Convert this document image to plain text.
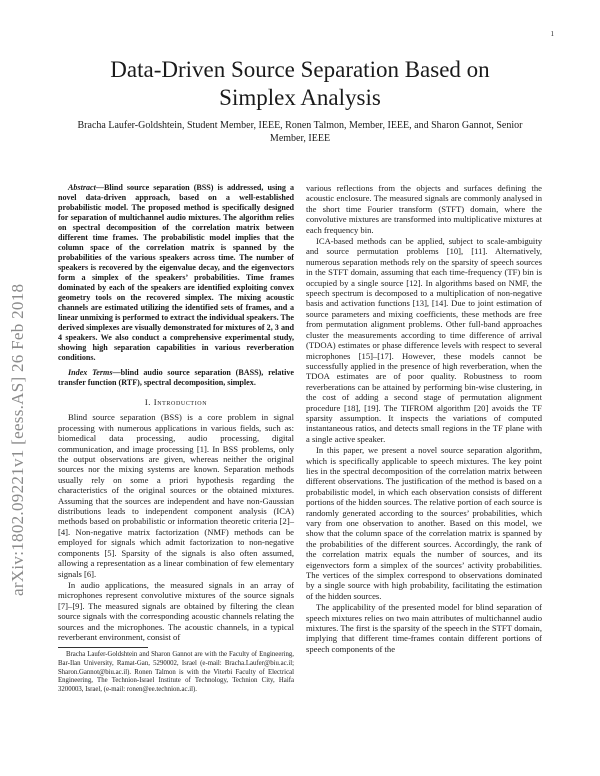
1
arXiv:1802.09221v1 [eess.AS] 26 Feb 2018
Data-Driven Source Separation Based on Simplex Analysis
Bracha Laufer-Goldshtein, Student Member, IEEE, Ronen Talmon, Member, IEEE, and Sharon Gannot, Senior Member, IEEE

Abstract—Blind source separation (BSS) is addressed, using a novel data-driven approach, based on a well-established probabilistic model. The proposed method is specifically designed for separation of multichannel audio mixtures. The algorithm relies on spectral decomposition of the correlation matrix between different time frames. The probabilistic model implies that the column space of the correlation matrix is spanned by the probabilities of the various speakers across time. The number of speakers is recovered by the eigenvalue decay, and the eigenvectors form a simplex of the speakers’ probabilities. Time frames dominated by each of the speakers are identified exploiting convex geometry tools on the recovered simplex. The mixing acoustic channels are estimated utilizing the identified sets of frames, and a linear unmixing is performed to extract the individual speakers. The derived simplexes are visually demonstrated for mixtures of 2, 3 and 4 speakers. We also conduct a comprehensive experimental study, showing high separation capabilities in various reverberation conditions.

Index Terms—blind audio source separation (BASS), relative transfer function (RTF), spectral decomposition, simplex.

I. Introduction

Blind source separation (BSS) is a core problem in signal processing with numerous applications in various fields, such as: biomedical data processing, audio processing, digital communication, and image processing [1]. In BSS problems, only the output observations are given, whereas neither the original sources nor the mixing systems are known. Separation methods usually rely on some a priori hypothesis regarding the characteristics of the original sources or the obtained mixtures. Assuming that the sources are independent and have non-Gaussian distributions leads to independent component analysis (ICA) methods based on probabilistic or information theoretic criteria [2]–[4]. Non-negative matrix factorization (NMF) methods can be employed for signals which admit factorization to non-negative components [5]. Sparsity of the signals is also often assumed, allowing a representation as a linear combination of few elementary signals [6].

In audio applications, the measured signals in an array of microphones represent convolutive mixtures of the source signals [7]–[9]. The measured signals are obtained by filtering the clean source signals with the corresponding acoustic channels relating the sources and the microphones. The acoustic channels, in a typical reverberant environment, consist of

Bracha Laufer-Goldshtein and Sharon Gannot are with the Faculty of Engineering, Bar-Ilan University, Ramat-Gan, 5290002, Israel (e-mail: Bracha.Laufer@biu.ac.il; Sharon.Gannot@biu.ac.il). Ronen Talmon is with the Viterbi Faculty of Electrical Engineering, The Technion-Israel Institute of Technology, Technion City, Haifa 3200003, Israel, (e-mail: ronen@ee.technion.ac.il).

various reflections from the objects and surfaces defining the acoustic enclosure. The measured signals are commonly analysed in the short time Fourier transform (STFT) domain, where the convolutive mixtures are transformed into multiplicative mixtures at each frequency bin.

ICA-based methods can be applied, subject to scale-ambiguity and source permutation problems [10], [11]. Alternatively, numerous separation methods rely on the sparsity of speech sources in the STFT domain, assuming that each time-frequency (TF) bin is occupied by a single source [12]. In algorithms based on NMF, the speech spectrum is decomposed to a multiplication of non-negative basis and activation functions [13], [14]. Due to joint estimation of source parameters and mixing coefficients, these methods are free from permutation alignment problems. Other full-band approaches cluster the measurements according to time difference of arrival (TDOA) estimates or phase difference levels with respect to several microphones [15]–[17]. However, these models cannot be successfully applied in the presence of high reverberation, when the TDOA estimates are of poor quality. Robustness to room reverberations can be attained by performing bin-wise clustering, in the cost of adding a second stage of permutation alignment procedure [18], [19]. The TIFROM algorithm [20] avoids the TF sparsity assumption. It inspects the variations of computed instantaneous ratios, and detects small regions in the TF plane with a single active speaker.

In this paper, we present a novel source separation algorithm, which is specifically applicable to speech mixtures. The key point lies in the spectral decomposition of the correlation matrix between different observations. The justification of the method is based on a probabilistic model, in which each observation consists of different portions of the hidden sources. The relative portion of each source is randomly generated according to the sources’ probabilities, which vary from one observation to another. Based on this model, we show that the column space of the correlation matrix is spanned by the probabilities of the different sources. Accordingly, the rank of the correlation matrix equals the number of sources, and its eigenvectors form a simplex of the sources’ activity probabilities. The vertices of the simplex correspond to observations dominated by a single source with high probability, facilitating the estimation of the hidden sources.

The applicability of the presented model for blind separation of speech mixtures relies on two main attributes of multichannel audio mixtures. The first is the sparsity of the speech in the STFT domain, implying that different time-frames contain different portions of speech components of the
